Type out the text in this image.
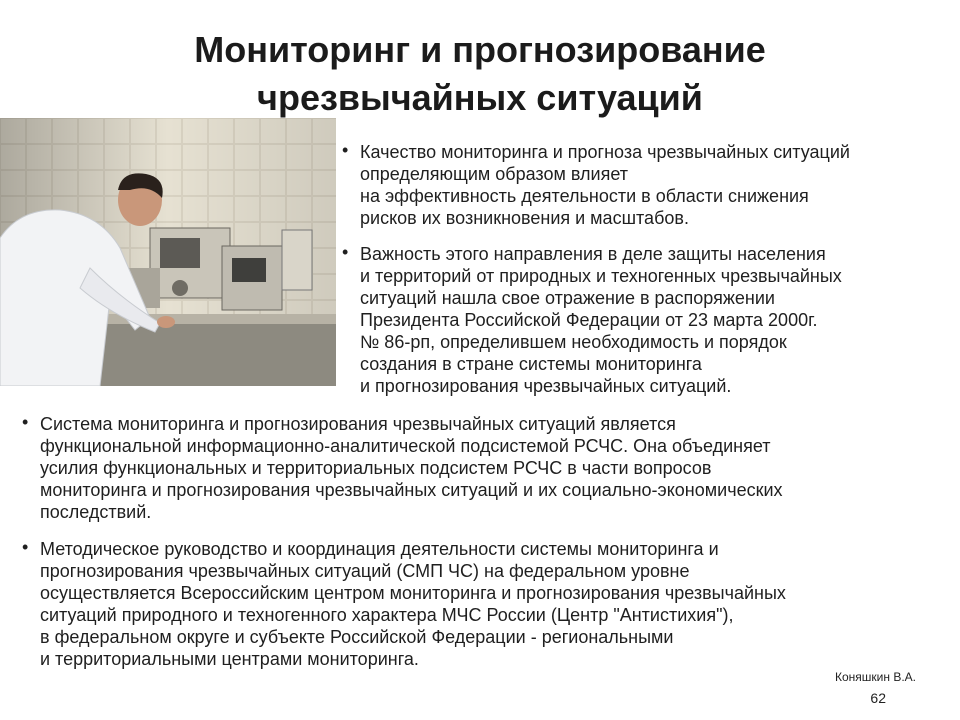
Мониторинг и прогнозирование
чрезвычайных ситуаций
• Качество мониторинга и прогноза чрезвычайных ситуаций
определяющим образом влияет
на эффективность деятельности в области снижения
рисков их возникновения и масштабов.
• Важность этого направления в деле защиты населения
и территорий от природных и техногенных чрезвычайных
ситуаций нашла свое отражение в распоряжении
Президента Российской Федерации от 23 марта 2000г.
№ 86-рп, определившем необходимость и порядок
создания в стране системы мониторинга
и прогнозирования чрезвычайных ситуаций.
• Система мониторинга и прогнозирования чрезвычайных ситуаций является
функциональной информационно-аналитической подсистемой РСЧС. Она объединяет
усилия функциональных и территориальных подсистем РСЧС в части вопросов
мониторинга и прогнозирования чрезвычайных ситуаций и их социально-экономических
последствий.
• Методическое руководство и координация деятельности системы мониторинга и
прогнозирования чрезвычайных ситуаций (СМП ЧС) на федеральном уровне
осуществляется Всероссийским центром мониторинга и прогнозирования чрезвычайных
ситуаций природного и техногенного характера МЧС России (Центр "Антистихия"),
в федеральном округе и субъекте Российской Федерации - региональными
и территориальными центрами мониторинга.
Коняшкин В.А.
62
